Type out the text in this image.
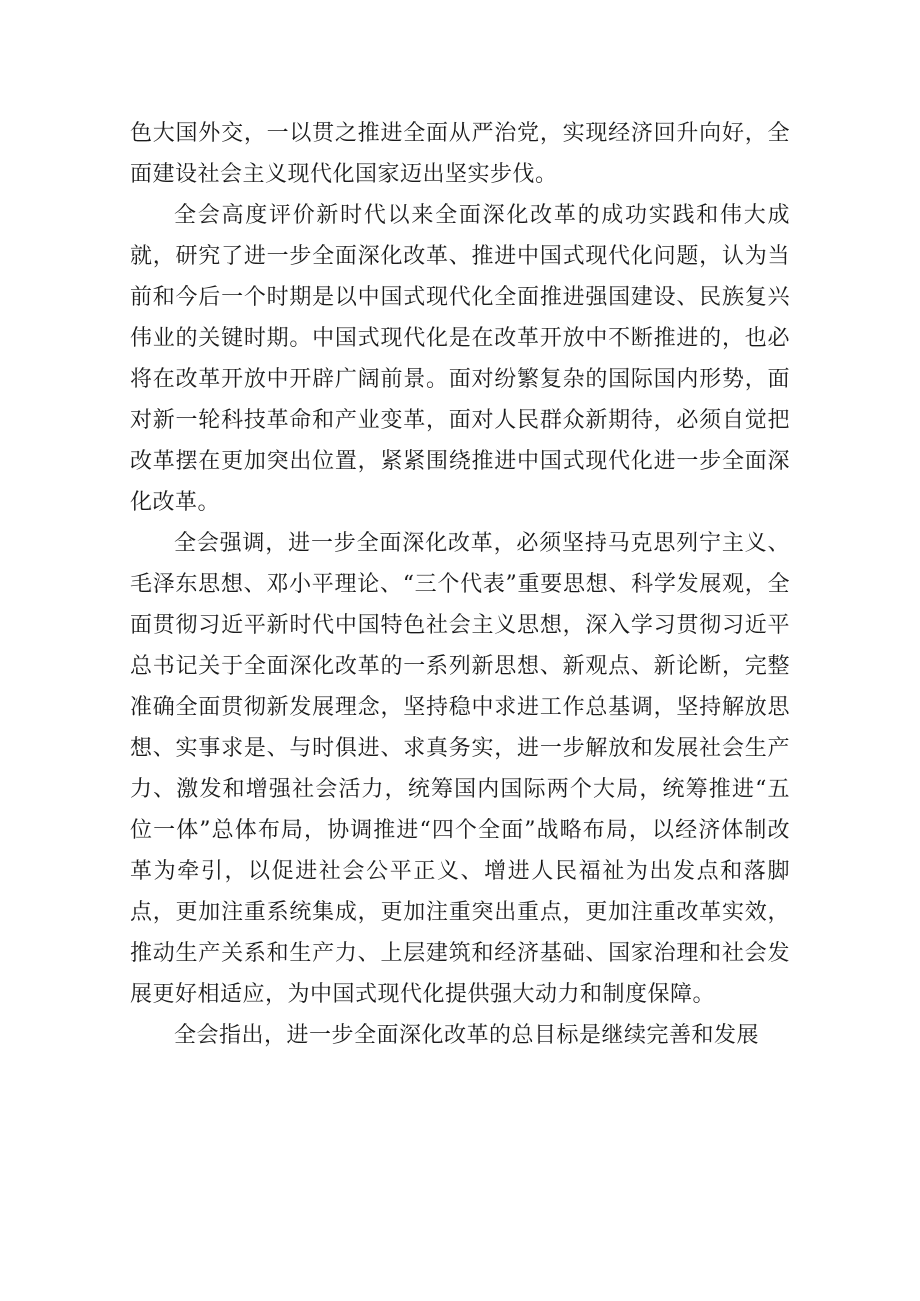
色大国外交，一以贯之推进全面从严治党，实现经济回升向好，全面建设社会主义现代化国家迈出坚实步伐。

全会高度评价新时代以来全面深化改革的成功实践和伟大成就，研究了进一步全面深化改革、推进中国式现代化问题，认为当前和今后一个时期是以中国式现代化全面推进强国建设、民族复兴伟业的关键时期。中国式现代化是在改革开放中不断推进的，也必将在改革开放中开辟广阔前景。面对纷繁复杂的国际国内形势，面对新一轮科技革命和产业变革，面对人民群众新期待，必须自觉把改革摆在更加突出位置，紧紧围绕推进中国式现代化进一步全面深化改革。

全会强调，进一步全面深化改革，必须坚持马克思列宁主义、毛泽东思想、邓小平理论、“三个代表”重要思想、科学发展观，全面贯彻习近平新时代中国特色社会主义思想，深入学习贯彻习近平总书记关于全面深化改革的一系列新思想、新观点、新论断，完整准确全面贯彻新发展理念，坚持稳中求进工作总基调，坚持解放思想、实事求是、与时俱进、求真务实，进一步解放和发展社会生产力、激发和增强社会活力，统筹国内国际两个大局，统筹推进“五位一体”总体布局，协调推进“四个全面”战略布局，以经济体制改革为牵引，以促进社会公平正义、增进人民福祉为出发点和落脚点，更加注重系统集成，更加注重突出重点，更加注重改革实效，推动生产关系和生产力、上层建筑和经济基础、国家治理和社会发展更好相适应，为中国式现代化提供强大动力和制度保障。

全会指出，进一步全面深化改革的总目标是继续完善和发展
